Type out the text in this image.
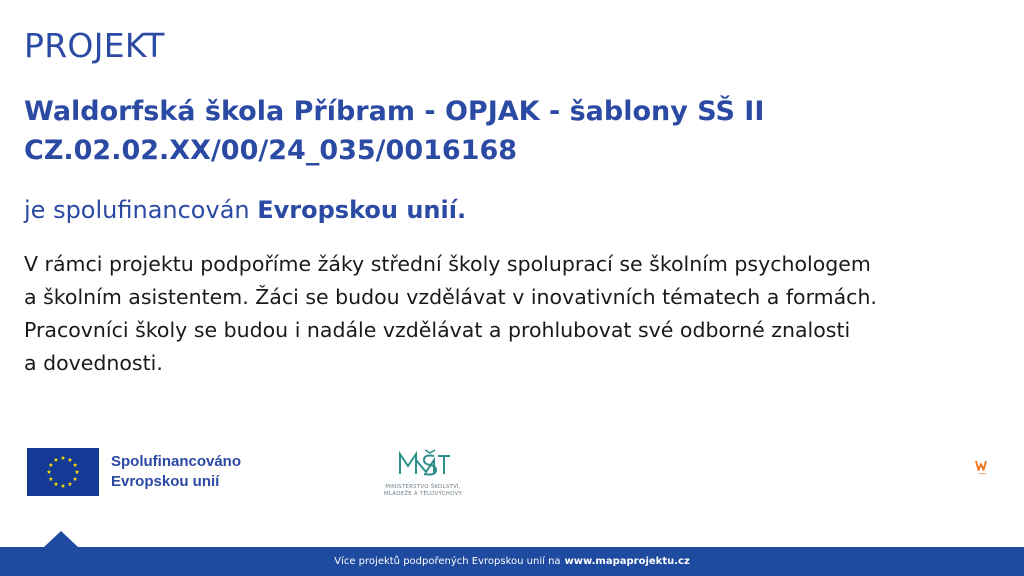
PROJEKT
Waldorfská škola Příbram - OPJAK - šablony SŠ II
CZ.02.02.XX/00/24_035/0016168
je spolufinancován Evropskou unií.
V rámci projektu podpoříme žáky střední školy spoluprací se školním psychologem
a školním asistentem. Žáci se budou vzdělávat v inovativních tématech a formách.
Pracovníci školy se budou i nadále vzdělávat a prohlubovat své odborné znalosti
a dovednosti.
Spolufinancováno
Evropskou unií	MINISTERSTVO ŠKOLSTVÍ,
MLÁDEŽE A TĚLOVÝCHOVY
Více projektů podpořených Evropskou unií na www.mapaprojektu.cz
